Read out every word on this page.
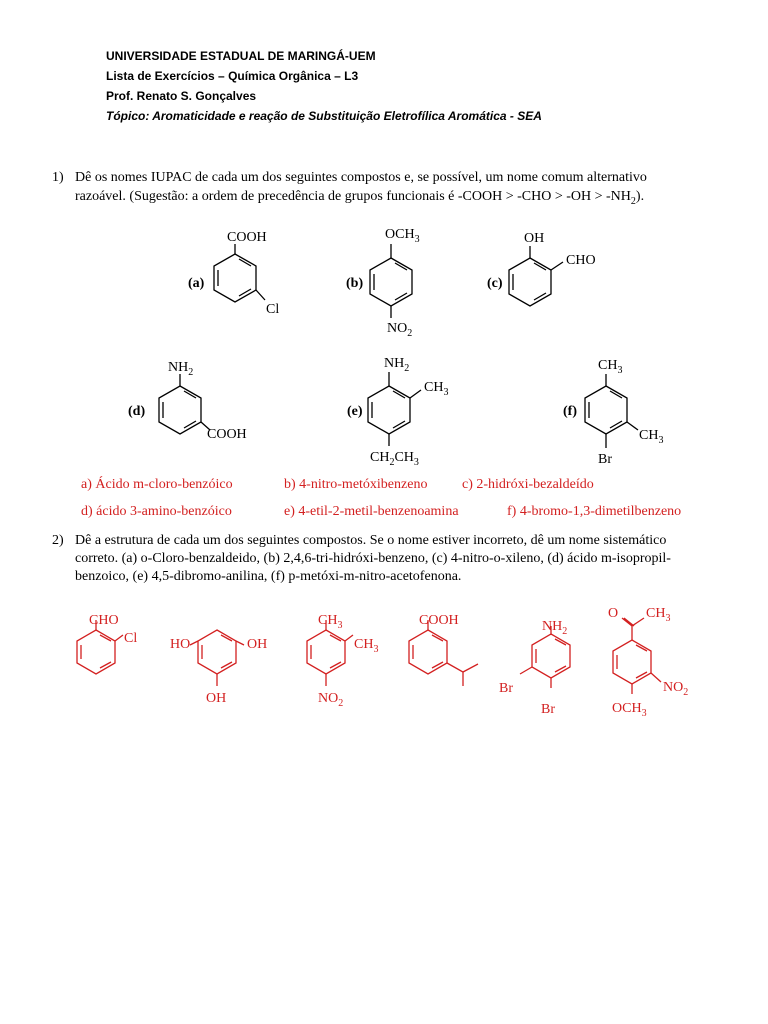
UNIVERSIDADE ESTADUAL DE MARINGÁ-UEM
Lista de Exercícios – Química Orgânica – L3
Prof. Renato S. Gonçalves
Tópico: Aromaticidade e reação de Substituição Eletrofílica Aromática - SEA
1) Dê os nomes IUPAC de cada um dos seguintes compostos e, se possível, um nome comum alternativo
razoável. (Sugestão: a ordem de precedência de grupos funcionais é -COOH > $-CHO > -OH > -NH_2$).
(a)	(b)	(c)
(d)	(e)	(f)
COOH
Cl
$OCH_3$
$NO_2$
OH
CHO
$NH_2$
COOH
$NH_2$
$CH_3$
$CH_2CH_3$
$CH_3$
$CH_3$
Br
a) Ácido m-cloro-benzóico	b) 4-nitro-metóxibenzeno c) 2-hidróxi-bezaldeído
d) ácido 3-amino-benzóico	e) 4-etil-2-metil-benzenoamina	f) 4-bromo-1,3-dimetilbenzeno
2) Dê a estrutura de cada um dos seguintes compostos. Se o nome estiver incorreto, dê um nome sistemático
correto. (a) o-Cloro-benzaldeido, (b) 2,4,6-tri-hidróxi-benzeno, (c) 4-nitro-o-xileno, (d) ácido m-isopropil-
benzoico, (e) 4,5-dibromo-anilina, (f) p-metóxi-m-nitro-acetofenona.
CHO
Cl HO	OH
OH
$CH_3$
$CH_3$
$NO_2$
COOH	$NH_2$
Br
Br
O $CH_3$
$NO_2$
$OCH_3$
